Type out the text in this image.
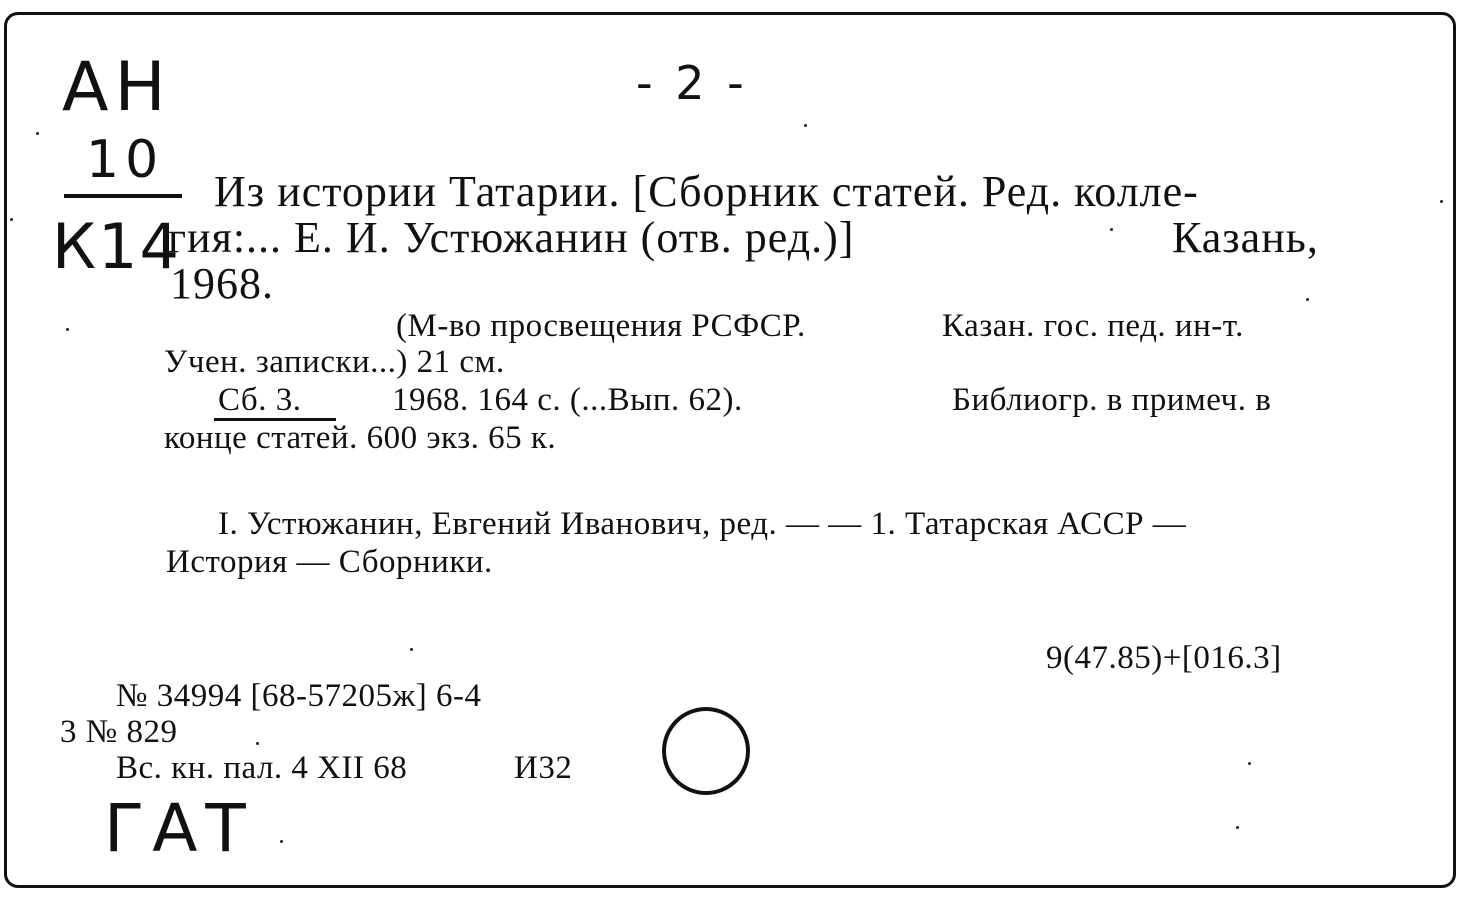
АН
10
К14
- 2 -
ГАТ
Из истории Татарии. [Сборник статей. Ред. колле-
гия:... Е. И. Устюжанин (отв. ред.)]	Казань,
1968.
(М-во просвещения РСФСР.	Казан. гос. пед. ин-т.
Учен. записки...) 21 см.
Сб. 3.	1968. 164 с. (...Вып. 62).	Библиогр. в примеч. в
конце статей. 600 экз. 65 к.
I. Устюжанин, Евгений Иванович, ред. — — 1. Татарская АССР —
История — Сборники.
9(47.85)+[016.3]
№ 34994 [68-57205ж] 6-4
3 № 829
Вс. кн. пал. 4 XII 68	И32
